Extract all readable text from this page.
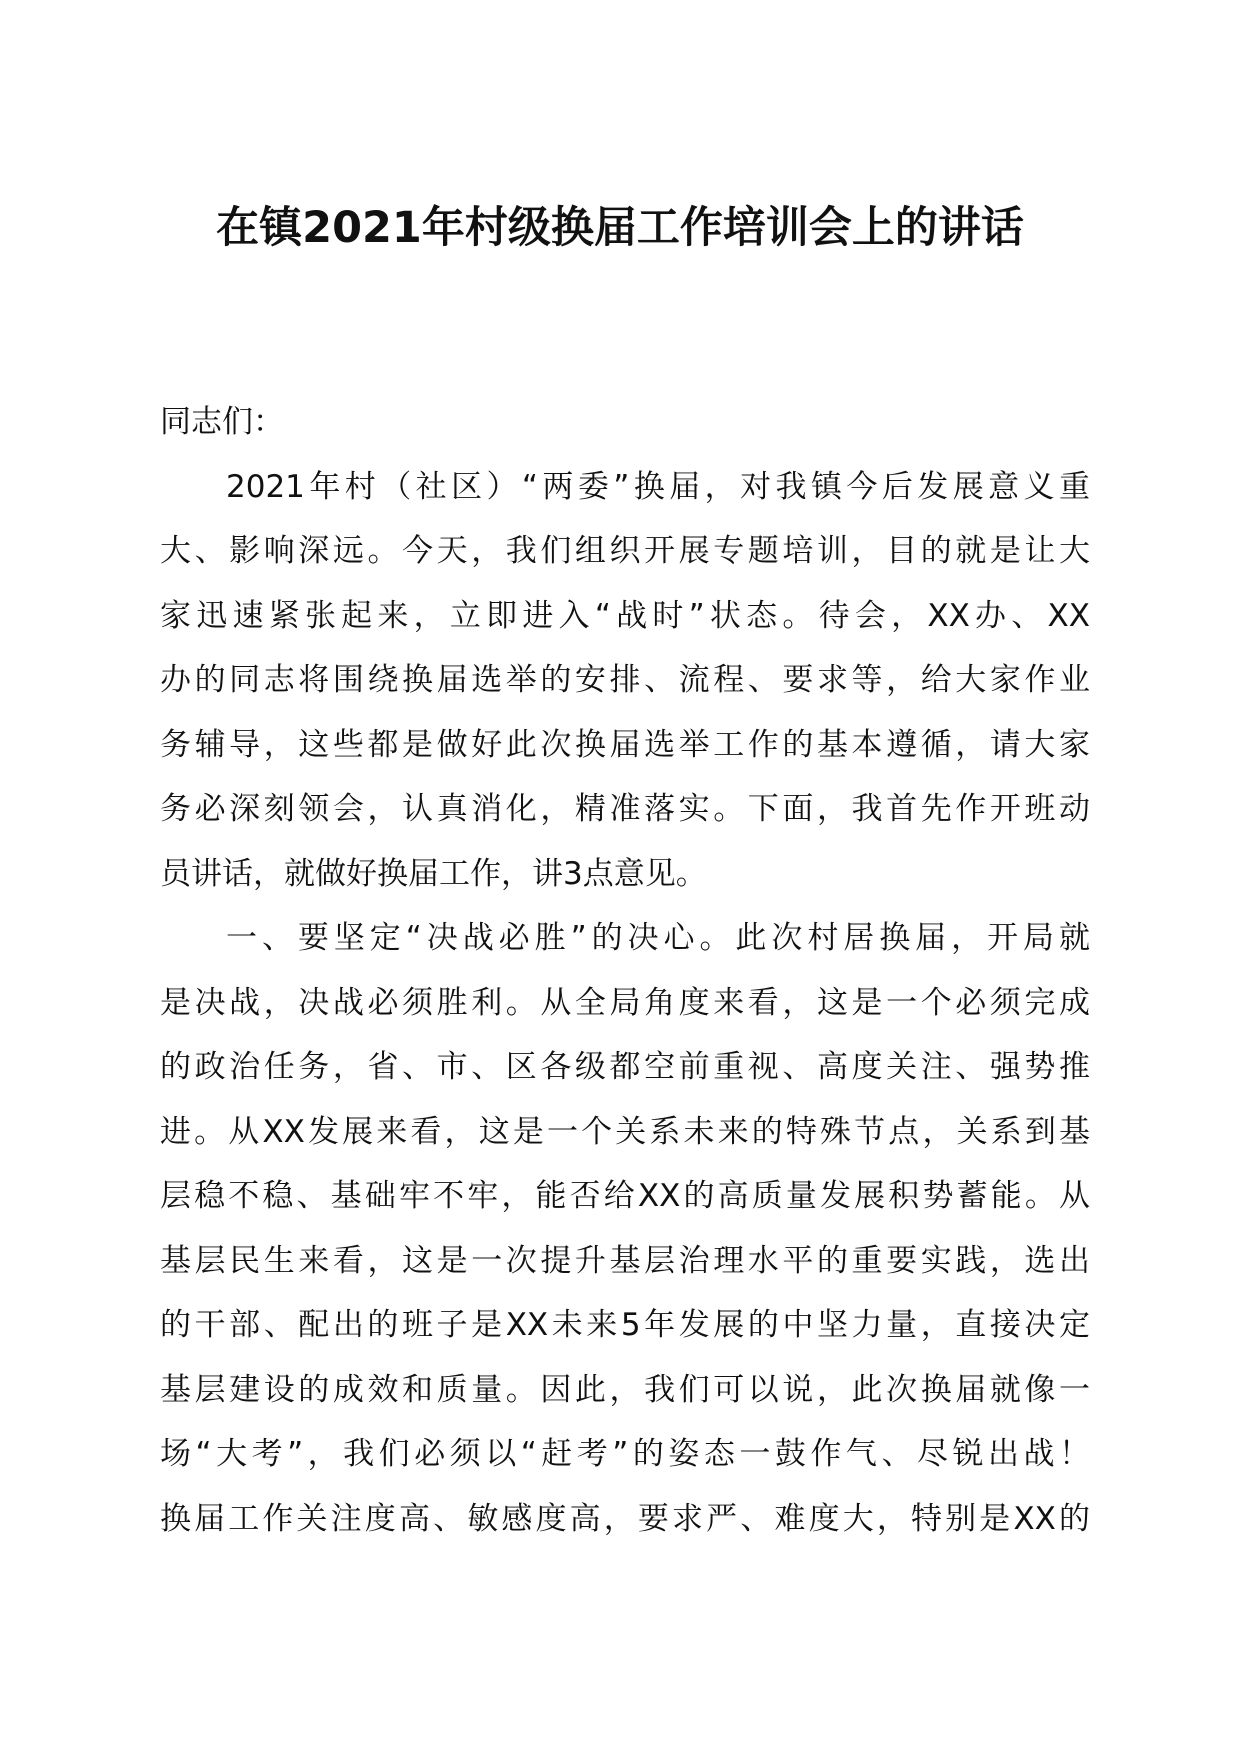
在镇2021年村级换届工作培训会上的讲话
同志们：
2021年村（社区）“两委”换届，对我镇今后发展意义重
大、影响深远。今天，我们组织开展专题培训，目的就是让大
家迅速紧张起来，立即进入“战时”状态。待会，XX办、XX
办的同志将围绕换届选举的安排、流程、要求等，给大家作业
务辅导，这些都是做好此次换届选举工作的基本遵循，请大家
务必深刻领会，认真消化，精准落实。下面，我首先作开班动
员讲话，就做好换届工作，讲3点意见。
一、要坚定“决战必胜”的决心。此次村居换届，开局就
是决战，决战必须胜利。从全局角度来看，这是一个必须完成
的政治任务，省、市、区各级都空前重视、高度关注、强势推
进。从XX发展来看，这是一个关系未来的特殊节点，关系到基
层稳不稳、基础牢不牢，能否给XX的高质量发展积势蓄能。从
基层民生来看，这是一次提升基层治理水平的重要实践，选出
的干部、配出的班子是XX未来5年发展的中坚力量，直接决定
基层建设的成效和质量。因此，我们可以说，此次换届就像一
场“大考”，我们必须以“赶考”的姿态一鼓作气、尽锐出战！
换届工作关注度高、敏感度高，要求严、难度大，特别是XX的
